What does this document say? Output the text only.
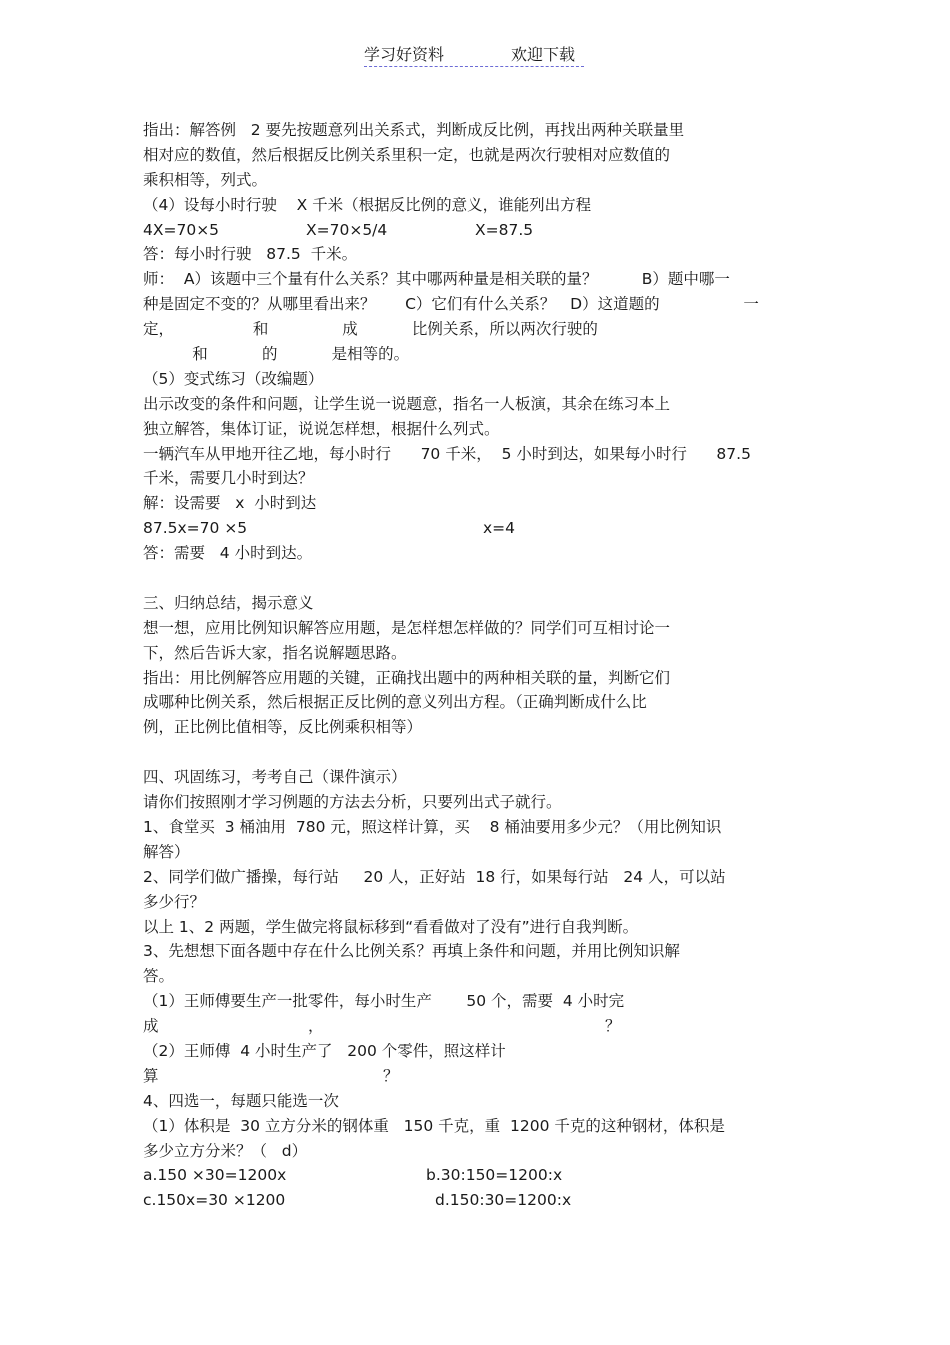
学习好资料	欢迎下载
指出：解答例   2 要先按题意列出关系式，判断成反比例，再找出两种关联量里
相对应的数值，然后根据反比例关系里积一定，也就是两次行驶相对应数值的
乘积相等，列式。
（4）设每小时行驶    X 千米（根据反比例的意义，谁能列出方程

4X=70×5

	X=70×5/4

	X=87.5

答：每小时行驶   87.5  千米。
师：  A）该题中三个量有什么关系？其中哪两种量是相关联的量？         B）题中哪一
种是固定不变的？从哪里看出来？      C）它们有什么关系？   D）这道题的                 一
定，                和               成           比例关系，所以两次行驶的
和           的           是相等的。
（5）变式练习（改编题）
出示改变的条件和问题，让学生说一说题意，指名一人板演，其余在练习本上
独立解答，集体订证，说说怎样想，根据什么列式。
一辆汽车从甲地开往乙地，每小时行      70 千米，  5 小时到达，如果每小时行      87.5
千米，需要几小时到达？
解：设需要   x  小时到达

87.5x=70 ×5

	x=4

答：需要   4 小时到达。
三、归纳总结，揭示意义
想一想，应用比例知识解答应用题，是怎样想怎样做的？同学们可互相讨论一
下，然后告诉大家，指名说解题思路。
指出：用比例解答应用题的关键，正确找出题中的两种相关联的量，判断它们
成哪种比例关系，然后根据正反比例的意义列出方程。（正确判断成什么比
例，正比例比值相等，反比例乘积相等）
四、巩固练习，考考自己（课件演示）
请你们按照刚才学习例题的方法去分析，只要列出式子就行。
1、食堂买  3 桶油用  780 元，照这样计算，买    8 桶油要用多少元？（用比例知识
解答）
2、同学们做广播操，每行站     20 人，正好站  18 行，如果每行站   24 人，可以站
多少行？
以上 1、2 两题，学生做完将鼠标移到“看看做对了没有”进行自我判断。
3、先想想下面各题中存在什么比例关系？再填上条件和问题，并用比例知识解
答。
（1）王师傅要生产一批零件，每小时生产       50 个，需要  4 小时完

成

	，

	？

（2）王师傅  4 小时生产了   200 个零件，照这样计

算

	？

4、四选一，每题只能选一次
（1）体积是  30 立方分米的钢体重   150 千克，重  1200 千克的这种钢材，体积是
多少立方分米？（   d）

a.150 ×30=1200x

	b.30:150=1200:x

c.150x=30 ×1200

	d.150:30=1200:x
